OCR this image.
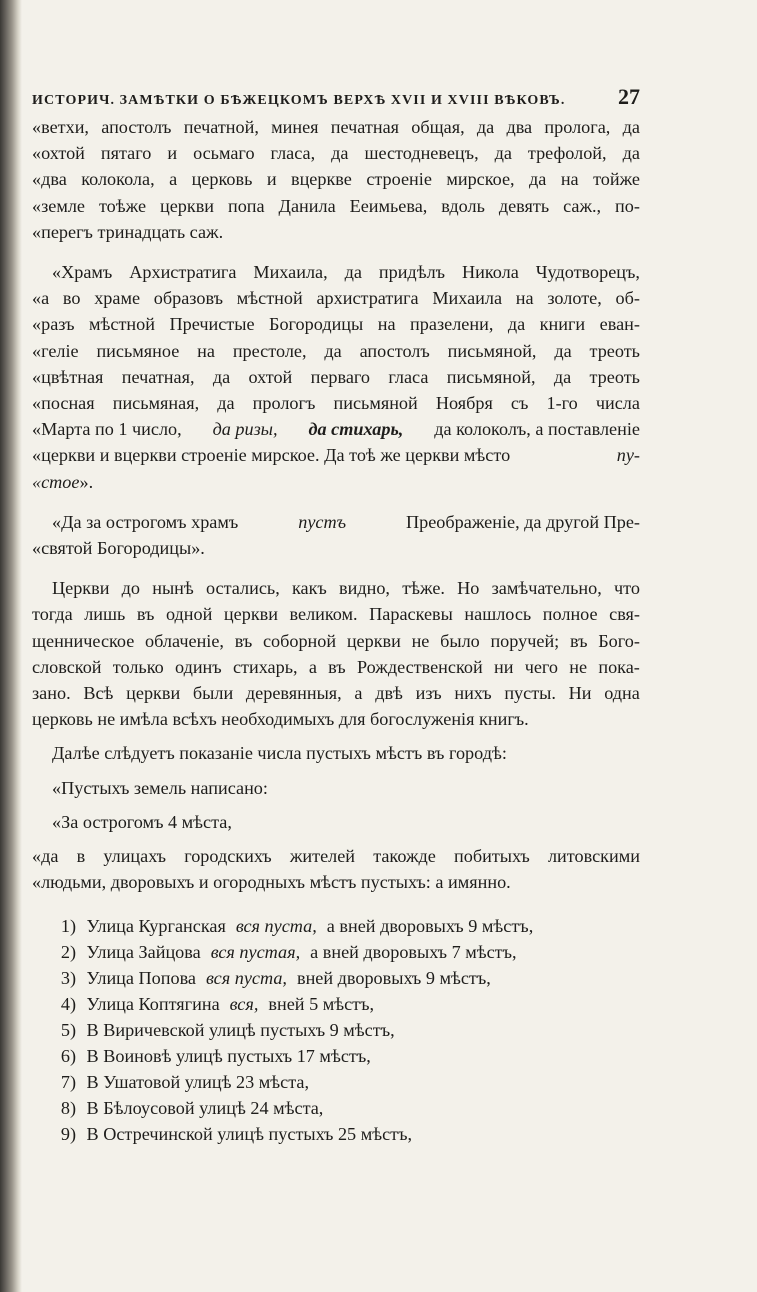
ИСТОРИЧ. ЗАМѢТКИ О БѢЖЕЦКОМЪ ВЕРХѢ XVII И XVIII ВѢКОВЪ. 27
«ветхи, апостолъ печатной, минея печатная общая, да два пролога, да
«охтой пятаго и осьмаго гласа, да шестодневецъ, да трефолой, да
«два колокола, а церковь и вцеркве строеніе мирское, да на тойже
«земле тоѣже церкви попа Данила Ееимьева, вдоль девять саж., по-
«перегъ тринадцать саж.
«Храмъ Архистратига Михаила, да придѣлъ Никола Чудотворецъ,
«а во храме образовъ мѣстной архистратига Михаила на золоте, об-
«разъ мѣстной Пречистые Богородицы на празелени, да книги еван-
«геліе письмяное на престоле, да апостолъ письмяной, да треоть
«цвѣтная печатная, да охтой перваго гласа письмяной, да треоть
«посная письмяная, да прологъ письмяной Ноября съ 1-го числа
«Марта по 1 число, да ризы, да стихарь, да колоколъ, а поставленіе
«церкви и вцеркви строеніе мирское. Да тоѣ же церкви мѣсто	пу-
«стое ».
«Да за острогомъ храмъ	пустъ	Преображеніе, да другой Пре-
«святой Богородицы».
Церкви до нынѣ остались, какъ видно, тѣже. Но замѣчательно, что
тогда лишь въ одной церкви великом. Параскевы нашлось полное свя-
щенническое облаченіе, въ соборной церкви не было поручей; въ Бого-
словской только одинъ стихарь, а въ Рождественской ни чего не пока-
зано. Всѣ церкви были деревянныя, а двѣ изъ нихъ пусты. Ни одна
церковь не имѣла всѣхъ необходимыхъ для богослуженія книгъ.
Далѣе слѣдуетъ показаніе числа пустыхъ мѣстъ въ городѣ:
«Пустыхъ земель написано:
«За острогомъ 4 мѣста,
«да в улицахъ городскихъ жителей такожде побитыхъ литовскими
«людьми, дворовыхъ и огородныхъ мѣстъ пустыхъ: а имянно.
1) Улица Курганская вся пуста, а вней дворовыхъ 9 мѣстъ,
2) Улица Зайцова вся пустая, а вней дворовыхъ 7 мѣстъ,
3) Улица Попова вся пуста, вней дворовыхъ 9 мѣстъ,
4) Улица Коптягина вся, вней 5 мѣстъ,
5) В Виричевской улицѣ пустыхъ 9 мѣстъ,
6) В Воиновѣ улицѣ пустыхъ 17 мѣстъ,
7) В Ушатовой улицѣ 23 мѣста,
8) В Бѣлоусовой улицѣ 24 мѣста,
9) В Остречинской улицѣ пустыхъ 25 мѣстъ,
